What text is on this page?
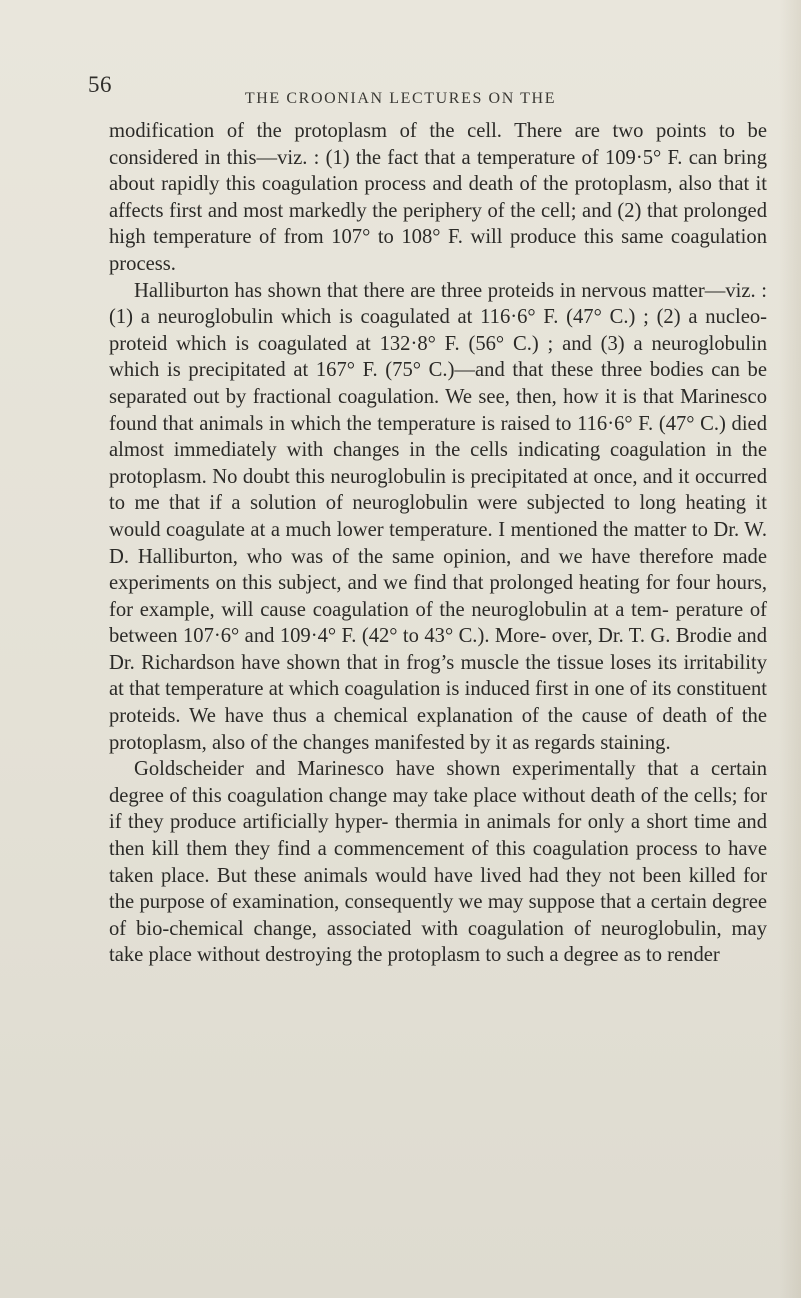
56

THE CROONIAN LECTURES ON THE

modification of the protoplasm of the cell. There are two points to be considered in this—viz. : (1) the fact that a temperature of 109·5° F. can bring about rapidly this coagulation process and death of the protoplasm, also that it affects first and most markedly the periphery of the cell; and (2) that prolonged high temperature of from 107° to 108° F. will produce this same coagulation process.

Halliburton has shown that there are three proteids in nervous matter—viz. : (1) a neuroglobulin which is coagulated at 116·6° F. (47° C.) ; (2) a nucleo-proteid which is coagulated at 132·8° F. (56° C.) ; and (3) a neuroglobulin which is precipitated at 167° F. (75° C.)—and that these three bodies can be separated out by fractional coagulation. We see, then, how it is that Marinesco found that animals in which the temperature is raised to 116·6° F. (47° C.) died almost immediately with changes in the cells indicating coagulation in the protoplasm. No doubt this neuroglobulin is precipitated at once, and it occurred to me that if a solution of neuroglobulin were subjected to long heating it would coagulate at a much lower temperature. I mentioned the matter to Dr. W. D. Halliburton, who was of the same opinion, and we have therefore made experiments on this subject, and we find that prolonged heating for four hours, for example, will cause coagulation of the neuroglobulin at a tem- perature of between 107·6° and 109·4° F. (42° to 43° C.). More- over, Dr. T. G. Brodie and Dr. Richardson have shown that in frog’s muscle the tissue loses its irritability at that temperature at which coagulation is induced first in one of its constituent proteids. We have thus a chemical explanation of the cause of death of the protoplasm, also of the changes manifested by it as regards staining.

Goldscheider and Marinesco have shown experimentally that a certain degree of this coagulation change may take place without death of the cells; for if they produce artificially hyper- thermia in animals for only a short time and then kill them they find a commencement of this coagulation process to have taken place. But these animals would have lived had they not been killed for the purpose of examination, consequently we may suppose that a certain degree of bio-chemical change, associated with coagulation of neuroglobulin, may take place without destroying the protoplasm to such a degree as to render
